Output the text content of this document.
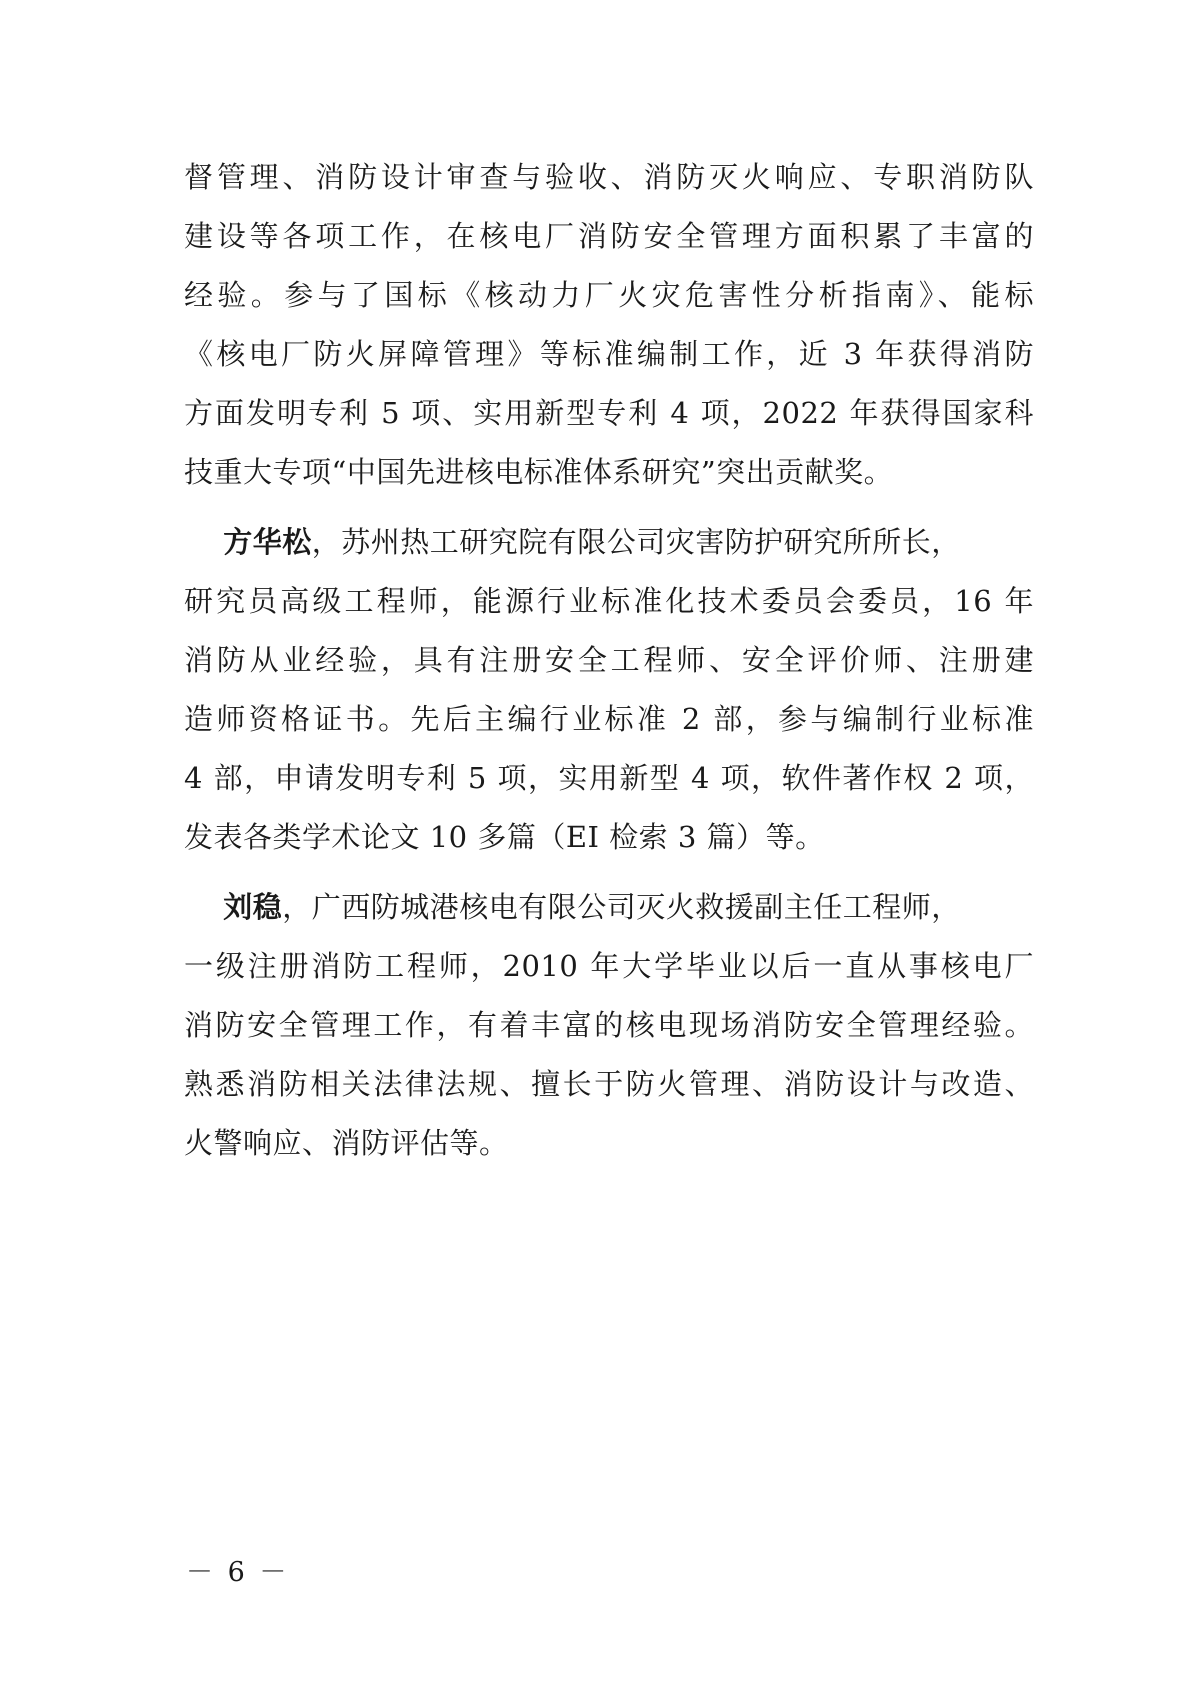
督管理、消防设计审查与验收、消防灭火响应、专职消防队
建设等各项工作，在核电厂消防安全管理方面积累了丰富的
经验。参与了国标《核动力厂火灾危害性分析指南》、能标
《核电厂防火屏障管理》等标准编制工作，近 3 年获得消防
方面发明专利 5 项、实用新型专利 4 项，2022 年获得国家科
技重大专项“中国先进核电标准体系研究”突出贡献奖。
  方华松，苏州热工研究院有限公司灾害防护研究所所长，
研究员高级工程师，能源行业标准化技术委员会委员，16 年
消防从业经验，具有注册安全工程师、安全评价师、注册建
造师资格证书。先后主编行业标准 2 部，参与编制行业标准
4 部，申请发明专利 5 项，实用新型 4 项，软件著作权 2 项，
发表各类学术论文 10 多篇（EI 检索 3 篇）等。
  刘稳，广西防城港核电有限公司灭火救援副主任工程师，
一级注册消防工程师，2010 年大学毕业以后一直从事核电厂
消防安全管理工作，有着丰富的核电现场消防安全管理经验。
熟悉消防相关法律法规、擅长于防火管理、消防设计与改造、
火警响应、消防评估等。
－ 6 －
